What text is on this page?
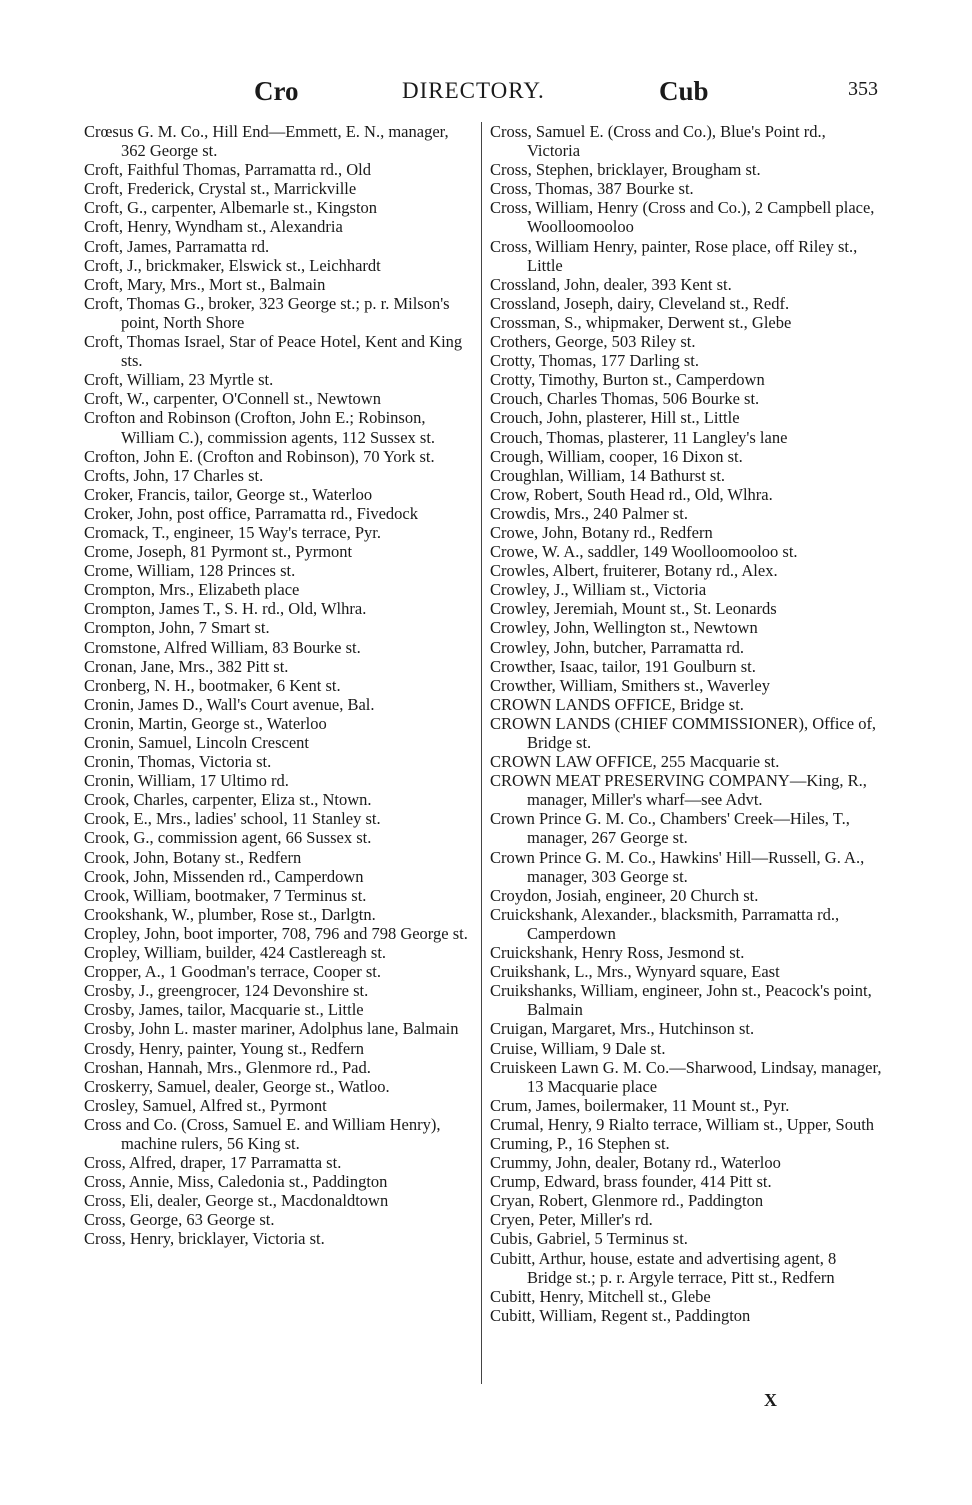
Cro	DIRECTORY.	Cub	353

Crœsus G. M. Co., Hill End—Emmett, E. N., manager, 362 George st.

Croft, Faithful Thomas, Parramatta rd., Old

Croft, Frederick, Crystal st., Marrickville

Croft, G., carpenter, Albemarle st., Kingston

Croft, Henry, Wyndham st., Alexandria

Croft, James, Parramatta rd.

Croft, J., brickmaker, Elswick st., Leichhardt

Croft, Mary, Mrs., Mort st., Balmain

Croft, Thomas G., broker, 323 George st.; p. r. Milson's point, North Shore

Croft, Thomas Israel, Star of Peace Hotel, Kent and King sts.

Croft, William, 23 Myrtle st.

Croft, W., carpenter, O'Connell st., Newtown

Crofton and Robinson (Crofton, John E.; Robinson, William C.), commission agents, 112 Sussex st.

Crofton, John E. (Crofton and Robinson), 70 York st.

Crofts, John, 17 Charles st.

Croker, Francis, tailor, George st., Waterloo

Croker, John, post office, Parramatta rd., Fivedock

Cromack, T., engineer, 15 Way's terrace, Pyr.

Crome, Joseph, 81 Pyrmont st., Pyrmont

Crome, William, 128 Princes st.

Crompton, Mrs., Elizabeth place

Crompton, James T., S. H. rd., Old, Wlhra.

Crompton, John, 7 Smart st.

Cromstone, Alfred William, 83 Bourke st.

Cronan, Jane, Mrs., 382 Pitt st.

Cronberg, N. H., bootmaker, 6 Kent st.

Cronin, James D., Wall's Court avenue, Bal.

Cronin, Martin, George st., Waterloo

Cronin, Samuel, Lincoln Crescent

Cronin, Thomas, Victoria st.

Cronin, William, 17 Ultimo rd.

Crook, Charles, carpenter, Eliza st., Ntown.

Crook, E., Mrs., ladies' school, 11 Stanley st.

Crook, G., commission agent, 66 Sussex st.

Crook, John, Botany st., Redfern

Crook, John, Missenden rd., Camperdown

Crook, William, bootmaker, 7 Terminus st.

Crookshank, W., plumber, Rose st., Darlgtn.

Cropley, John, boot importer, 708, 796 and 798 George st.

Cropley, William, builder, 424 Castlereagh st.

Cropper, A., 1 Goodman's terrace, Cooper st.

Crosby, J., greengrocer, 124 Devonshire st.

Crosby, James, tailor, Macquarie st., Little

Crosby, John L. master mariner, Adolphus lane, Balmain

Crosdy, Henry, painter, Young st., Redfern

Croshan, Hannah, Mrs., Glenmore rd., Pad.

Croskerry, Samuel, dealer, George st., Watloo.

Crosley, Samuel, Alfred st., Pyrmont

Cross and Co. (Cross, Samuel E. and William Henry), machine rulers, 56 King st.

Cross, Alfred, draper, 17 Parramatta st.

Cross, Annie, Miss, Caledonia st., Paddington

Cross, Eli, dealer, George st., Macdonaldtown

Cross, George, 63 George st.

Cross, Henry, bricklayer, Victoria st.

Cross, Samuel E. (Cross and Co.), Blue's Point rd., Victoria

Cross, Stephen, bricklayer, Brougham st.

Cross, Thomas, 387 Bourke st.

Cross, William, Henry (Cross and Co.), 2 Campbell place, Woolloomooloo

Cross, William Henry, painter, Rose place, off Riley st., Little

Crossland, John, dealer, 393 Kent st.

Crossland, Joseph, dairy, Cleveland st., Redf.

Crossman, S., whipmaker, Derwent st., Glebe

Crothers, George, 503 Riley st.

Crotty, Thomas, 177 Darling st.

Crotty, Timothy, Burton st., Camperdown

Crouch, Charles Thomas, 506 Bourke st.

Crouch, John, plasterer, Hill st., Little

Crouch, Thomas, plasterer, 11 Langley's lane

Crough, William, cooper, 16 Dixon st.

Croughlan, William, 14 Bathurst st.

Crow, Robert, South Head rd., Old, Wlhra.

Crowdis, Mrs., 240 Palmer st.

Crowe, John, Botany rd., Redfern

Crowe, W. A., saddler, 149 Woolloomooloo st.

Crowles, Albert, fruiterer, Botany rd., Alex.

Crowley, J., William st., Victoria

Crowley, Jeremiah, Mount st., St. Leonards

Crowley, John, Wellington st., Newtown

Crowley, John, butcher, Parramatta rd.

Crowther, Isaac, tailor, 191 Goulburn st.

Crowther, William, Smithers st., Waverley

CROWN LANDS OFFICE, Bridge st.

CROWN LANDS (CHIEF COMMISSIONER), Office of, Bridge st.

CROWN LAW OFFICE, 255 Macquarie st.

CROWN MEAT PRESERVING COMPANY—King, R., manager, Miller's wharf—see Advt.

Crown Prince G. M. Co., Chambers' Creek—Hiles, T., manager, 267 George st.

Crown Prince G. M. Co., Hawkins' Hill—Russell, G. A., manager, 303 George st.

Croydon, Josiah, engineer, 20 Church st.

Cruickshank, Alexander., blacksmith, Parramatta rd., Camperdown

Cruickshank, Henry Ross, Jesmond st.

Cruikshank, L., Mrs., Wynyard square, East

Cruikshanks, William, engineer, John st., Peacock's point, Balmain

Cruigan, Margaret, Mrs., Hutchinson st.

Cruise, William, 9 Dale st.

Cruiskeen Lawn G. M. Co.—Sharwood, Lindsay, manager, 13 Macquarie place

Crum, James, boilermaker, 11 Mount st., Pyr.

Crumal, Henry, 9 Rialto terrace, William st., Upper, South

Cruming, P., 16 Stephen st.

Crummy, John, dealer, Botany rd., Waterloo

Crump, Edward, brass founder, 414 Pitt st.

Cryan, Robert, Glenmore rd., Paddington

Cryen, Peter, Miller's rd.

Cubis, Gabriel, 5 Terminus st.

Cubitt, Arthur, house, estate and advertising agent, 8 Bridge st.; p. r. Argyle terrace, Pitt st., Redfern

Cubitt, Henry, Mitchell st., Glebe

Cubitt, William, Regent st., Paddington

X
